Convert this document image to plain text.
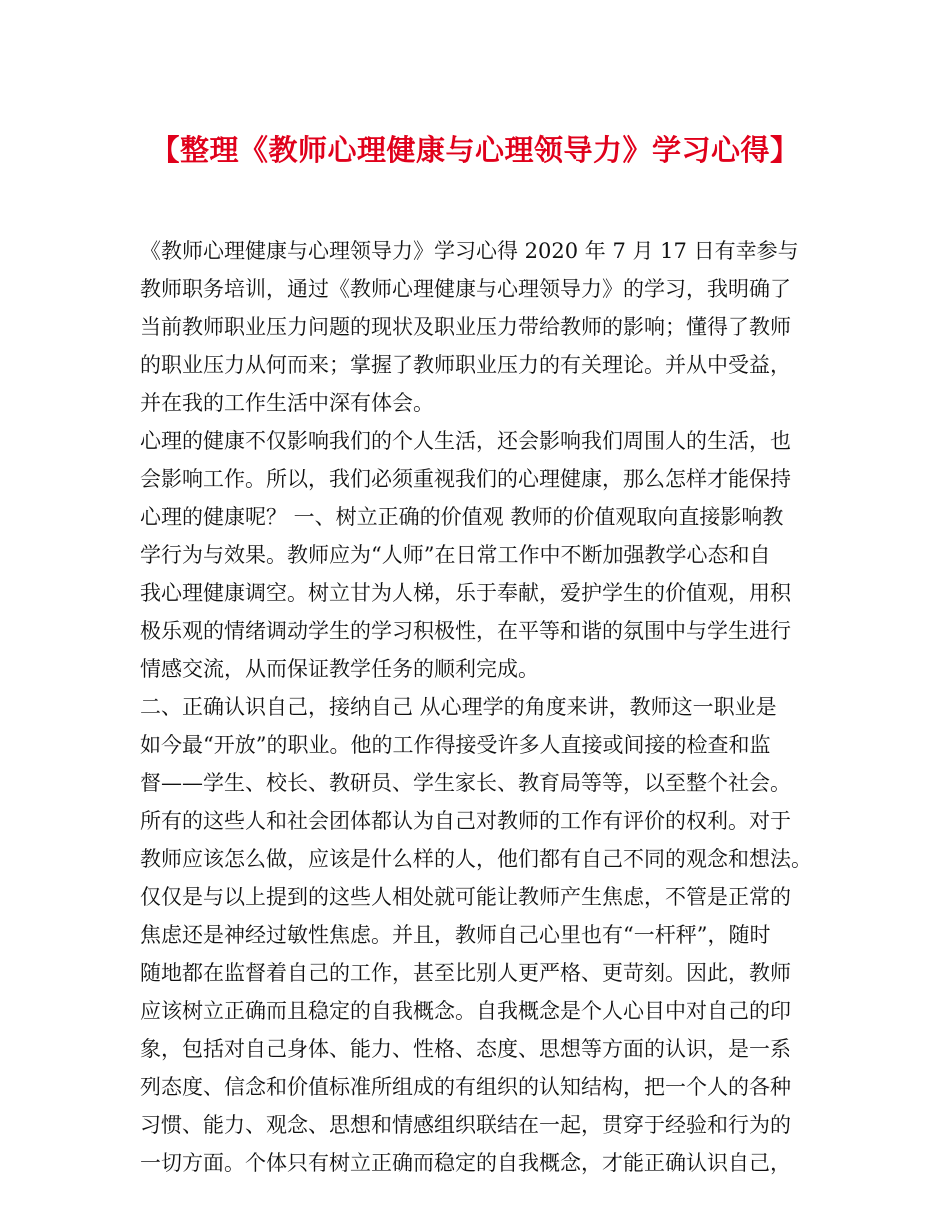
【整理《教师心理健康与心理领导力》学习心得】
《教师心理健康与心理领导力》学习心得 2020 年 7 月 17 日有幸参与
教师职务培训，通过《教师心理健康与心理领导力》的学习，我明确了
当前教师职业压力问题的现状及职业压力带给教师的影响；懂得了教师
的职业压力从何而来；掌握了教师职业压力的有关理论。并从中受益，
并在我的工作生活中深有体会。
心理的健康不仅影响我们的个人生活，还会影响我们周围人的生活，也
会影响工作。所以，我们必须重视我们的心理健康，那么怎样才能保持
心理的健康呢？ 一、树立正确的价值观 教师的价值观取向直接影响教
学行为与效果。教师应为“人师”在日常工作中不断加强教学心态和自
我心理健康调空。树立甘为人梯，乐于奉献，爱护学生的价值观，用积
极乐观的情绪调动学生的学习积极性，在平等和谐的氛围中与学生进行
情感交流，从而保证教学任务的顺利完成。
二、正确认识自己，接纳自己 从心理学的角度来讲，教师这一职业是
如今最“开放”的职业。他的工作得接受许多人直接或间接的检查和监
督——学生、校长、教研员、学生家长、教育局等等，以至整个社会。
所有的这些人和社会团体都认为自己对教师的工作有评价的权利。对于
教师应该怎么做，应该是什么样的人，他们都有自己不同的观念和想法。
仅仅是与以上提到的这些人相处就可能让教师产生焦虑，不管是正常的
焦虑还是神经过敏性焦虑。并且，教师自己心里也有“一杆秤”，随时
随地都在监督着自己的工作，甚至比别人更严格、更苛刻。因此，教师
应该树立正确而且稳定的自我概念。自我概念是个人心目中对自己的印
象，包括对自己身体、能力、性格、态度、思想等方面的认识，是一系
列态度、信念和价值标准所组成的有组织的认知结构，把一个人的各种
习惯、能力、观念、思想和情感组织联结在一起，贯穿于经验和行为的
一切方面。个体只有树立正确而稳定的自我概念，才能正确认识自己，
